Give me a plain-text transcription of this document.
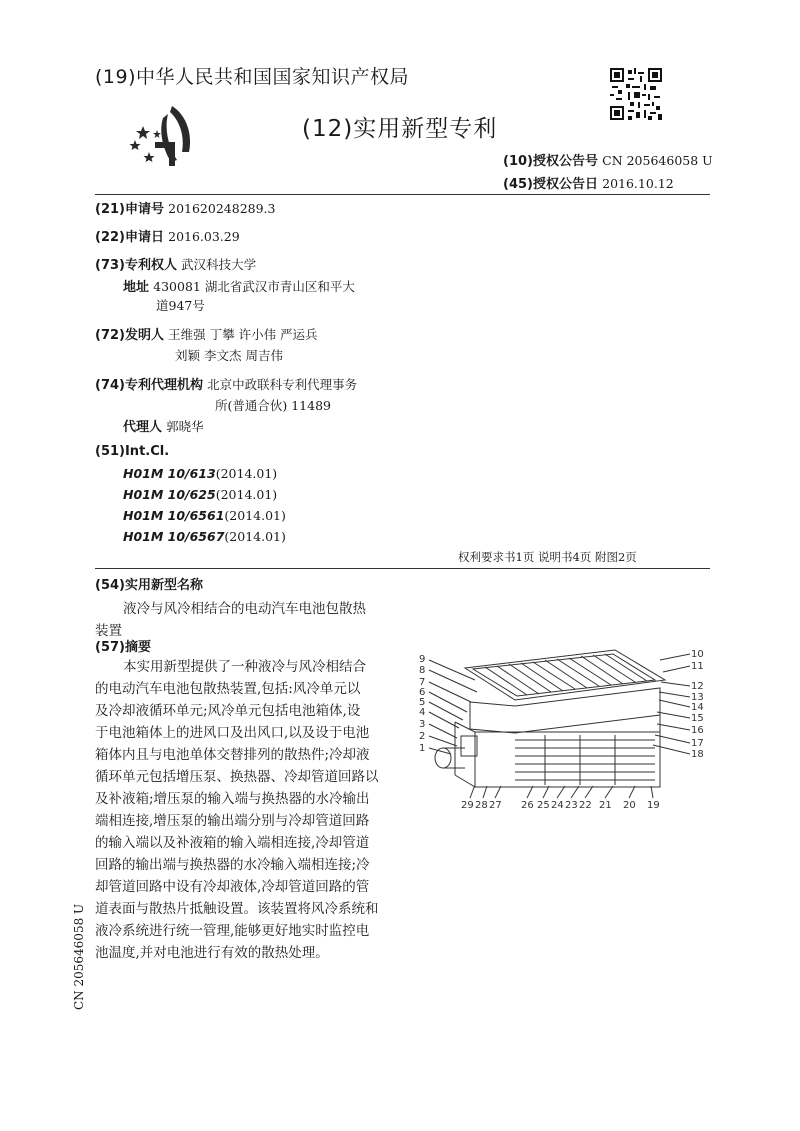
(19)中华人民共和国国家知识产权局
(12)实用新型专利
(10)授权公告号 CN 205646058 U
(45)授权公告日 2016.10.12
(21)申请号 201620248289.3
(22)申请日 2016.03.29
(73)专利权人 武汉科技大学
地址 430081 湖北省武汉市青山区和平大
道947号
(72)发明人 王维强 丁攀 许小伟 严运兵
刘颖 李文杰 周吉伟
(74)专利代理机构 北京中政联科专利代理事务
所(普通合伙) 11489
代理人 郭晓华
(51)Int.Cl.
H01M 10/613(2014.01)
H01M 10/625(2014.01)
H01M 10/6561(2014.01)
H01M 10/6567(2014.01)
权利要求书1页 说明书4页 附图2页
(54)实用新型名称
液冷与风冷相结合的电动汽车电池包散热
装置
(57)摘要
本实用新型提供了一种液冷与风冷相结合
的电动汽车电池包散热装置,包括:风冷单元以
及冷却液循环单元;风冷单元包括电池箱体,设
于电池箱体上的进风口及出风口,以及设于电池
箱体内且与电池单体交替排列的散热件;冷却液
循环单元包括增压泵、换热器、冷却管道回路以
及补液箱;增压泵的输入端与换热器的水冷输出
端相连接,增压泵的输出端分别与冷却管道回路
的输入端以及补液箱的输入端相连接,冷却管道
回路的输出端与换热器的水冷输入端相连接;冷
却管道回路中设有冷却液体,冷却管道回路的管
道表面与散热片抵触设置。该装置将风冷系统和
液冷系统进行统一管理,能够更好地实时监控电
池温度,并对电池进行有效的散热处理。
10
11
12
13
14
15
16
17
18
9
8
7
6
5
4
3
2
1
29 28 27 26 25 24 23 22 21 20 19
CN 205646058 U
